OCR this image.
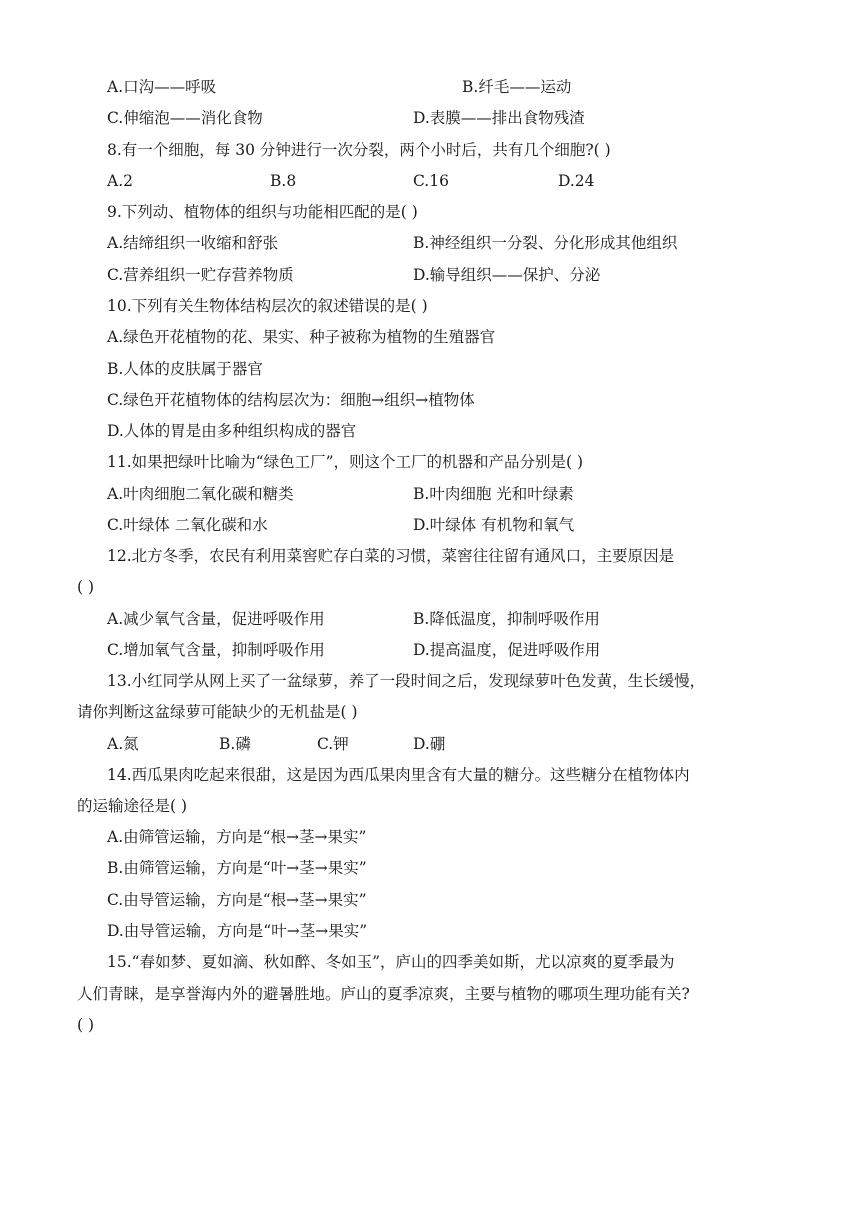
A.口沟——呼吸	B.纤毛——运动
C.伸缩泡——消化食物	D.表膜——排出食物残渣
8.有一个细胞，每 30 分钟进行一次分裂，两个小时后，共有几个细胞?( )
A.2	B.8	C.16	D.24
9.下列动、植物体的组织与功能相匹配的是( )
A.结缔组织一收缩和舒张	B.神经组织一分裂、分化形成其他组织
C.营养组织一贮存营养物质	D.输导组织——保护、分泌
10.下列有关生物体结构层次的叙述错误的是( )
A.绿色开花植物的花、果实、种子被称为植物的生殖器官
B.人体的皮肤属于器官
C.绿色开花植物体的结构层次为：细胞→组织→植物体
D.人体的胃是由多种组织构成的器官
11.如果把绿叶比喻为“绿色工厂”，则这个工厂的机器和产品分别是( )
A.叶肉细胞二氧化碳和糖类	B.叶肉细胞 光和叶绿素
C.叶绿体 二氧化碳和水	D.叶绿体 有机物和氧气
12.北方冬季，农民有利用菜窖贮存白菜的习惯，菜窖往往留有通风口，主要原因是
( )
A.减少氧气含量，促进呼吸作用	B.降低温度，抑制呼吸作用
C.增加氧气含量，抑制呼吸作用	D.提高温度，促进呼吸作用
13.小红同学从网上买了一盆绿萝，养了一段时间之后，发现绿萝叶色发黄，生长缓慢，
请你判断这盆绿萝可能缺少的无机盐是( )
A.氮	B.磷	C.钾	D.硼
14.西瓜果肉吃起来很甜，这是因为西瓜果肉里含有大量的糖分。这些糖分在植物体内
的运输途径是( )
A.由筛管运输，方向是“根→茎→果实”
B.由筛管运输，方向是“叶→茎→果实”
C.由导管运输，方向是“根→茎→果实”
D.由导管运输，方向是“叶→茎→果实”
15.“春如梦、夏如滴、秋如醉、冬如玉”，庐山的四季美如斯，尤以凉爽的夏季最为
人们青睐，是享誉海内外的避暑胜地。庐山的夏季凉爽，主要与植物的哪项生理功能有关?
( )
